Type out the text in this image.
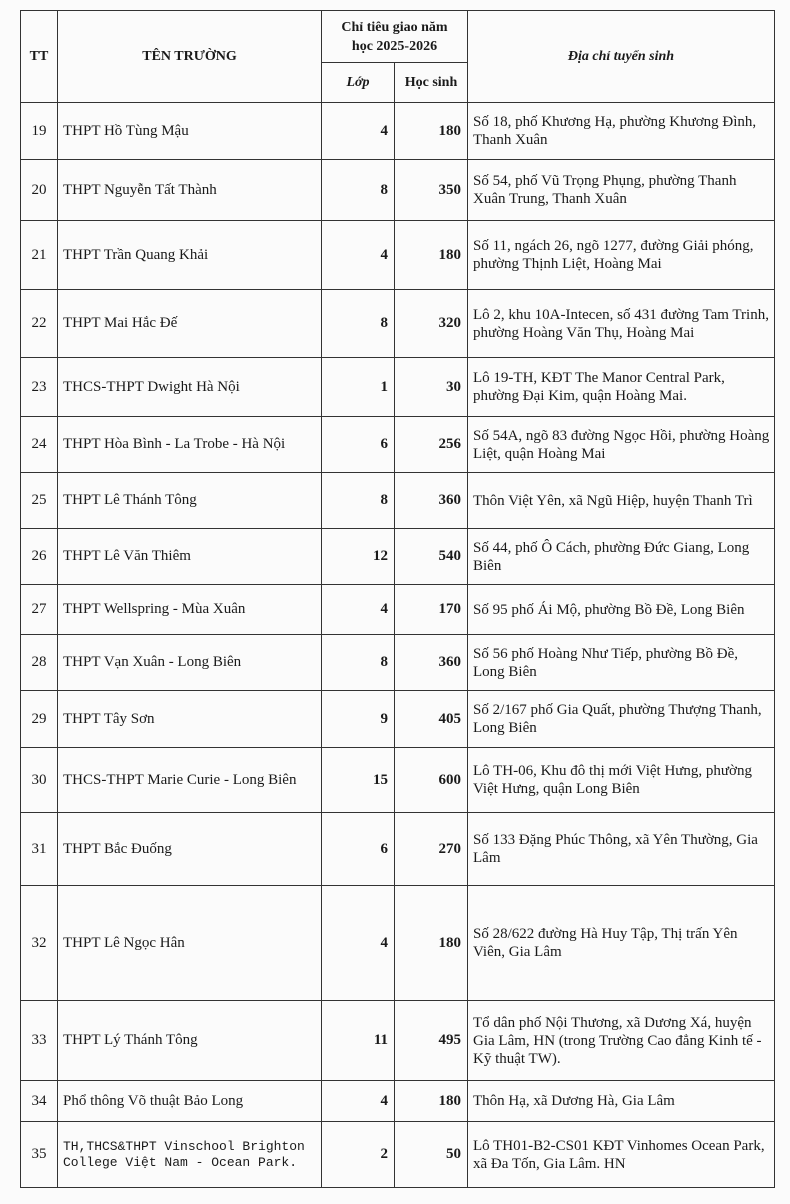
TT	TÊN TRƯỜNG	Chỉ tiêu giao năm học 2025-2026		Địa chỉ tuyển sinh
		Lớp	Học sinh	
19	THPT Hồ Tùng Mậu	4	180	Số 18, phố Khương Hạ, phường Khương Đình, Thanh Xuân
20	THPT Nguyễn Tất Thành	8	350	Số 54, phố Vũ Trọng Phụng, phường Thanh Xuân Trung, Thanh Xuân
21	THPT Trần Quang Khải	4	180	Số 11, ngách 26, ngõ 1277, đường Giải phóng, phường Thịnh Liệt, Hoàng Mai
22	THPT Mai Hắc Đế	8	320	Lô 2, khu 10A-Intecen, số 431 đường Tam Trinh, phường Hoàng Văn Thụ, Hoàng Mai
23	THCS-THPT Dwight Hà Nội	1	30	Lô 19-TH, KĐT The Manor Central Park, phường Đại Kim, quận Hoàng Mai.
24	THPT Hòa Bình - La Trobe - Hà Nội	6	256	Số 54A, ngõ 83 đường Ngọc Hồi, phường Hoàng Liệt, quận Hoàng Mai
25	THPT Lê Thánh Tông	8	360	Thôn Việt Yên, xã Ngũ Hiệp, huyện Thanh Trì
26	THPT Lê Văn Thiêm	12	540	Số 44, phố Ô Cách, phường Đức Giang, Long Biên
27	THPT Wellspring - Mùa Xuân	4	170	Số 95 phố Ái Mộ, phường Bồ Đề, Long Biên
28	THPT Vạn Xuân - Long Biên	8	360	Số 56 phố Hoàng Như Tiếp, phường Bồ Đề, Long Biên
29	THPT Tây Sơn	9	405	Số 2/167 phố Gia Quất, phường Thượng Thanh, Long Biên
30	THCS-THPT Marie Curie - Long Biên	15	600	Lô TH-06, Khu đô thị mới Việt Hưng, phường Việt Hưng, quận Long Biên
31	THPT Bắc Đuống	6	270	Số 133 Đặng Phúc Thông, xã Yên Thường, Gia Lâm
32	THPT Lê Ngọc Hân	4	180	Số 28/622 đường Hà Huy Tập, Thị trấn Yên Viên, Gia Lâm
33	THPT Lý Thánh Tông	11	495	Tổ dân phố Nội Thương, xã Dương Xá, huyện Gia Lâm, HN (trong Trường Cao đẳng Kinh tế - Kỹ thuật TW).
34	Phổ thông Võ thuật Bảo Long	4	180	Thôn Hạ, xã Dương Hà, Gia Lâm
35	TH,THCS&THPT Vinschool Brighton College Việt Nam - Ocean Park.	2	50	Lô TH01-B2-CS01 KĐT Vinhomes Ocean Park, xã Đa Tốn, Gia Lâm. HN
